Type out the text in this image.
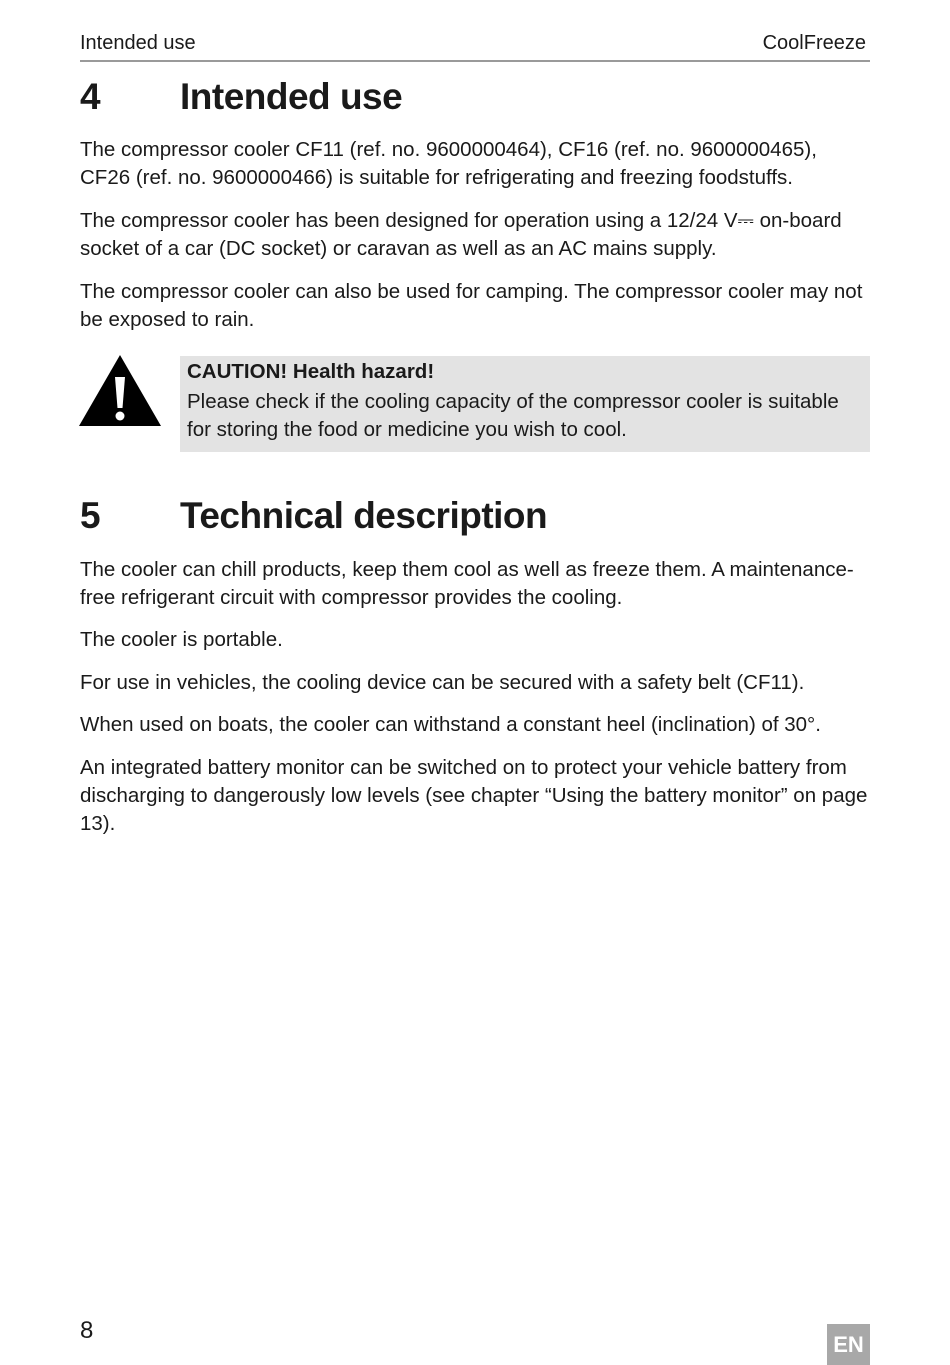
Intended use	CoolFreeze
4 Intended use

The compressor cooler CF11 (ref. no. 9600000464), CF16 (ref. no. 9600000465), CF26 (ref. no. 9600000466) is suitable for refrigerating and freezing foodstuffs.

The compressor cooler has been designed for operation using a 12/24 V⎓ on-board socket of a car (DC socket) or caravan as well as an AC mains supply.

The compressor cooler can also be used for camping. The compressor cooler may not be exposed to rain.

CAUTION! Health hazard!
Please check if the cooling capacity of the compressor cooler is suitable for storing the food or medicine you wish to cool.
5 Technical description

The cooler can chill products, keep them cool as well as freeze them. A maintenance-free refrigerant circuit with compressor provides the cooling.

The cooler is portable.

For use in vehicles, the cooling device can be secured with a safety belt (CF11).

When used on boats, the cooler can withstand a constant heel (inclination) of 30°.

An integrated battery monitor can be switched on to protect your vehicle battery from discharging to dangerously low levels (see chapter “Using the battery monitor” on page 13).

8	EN
